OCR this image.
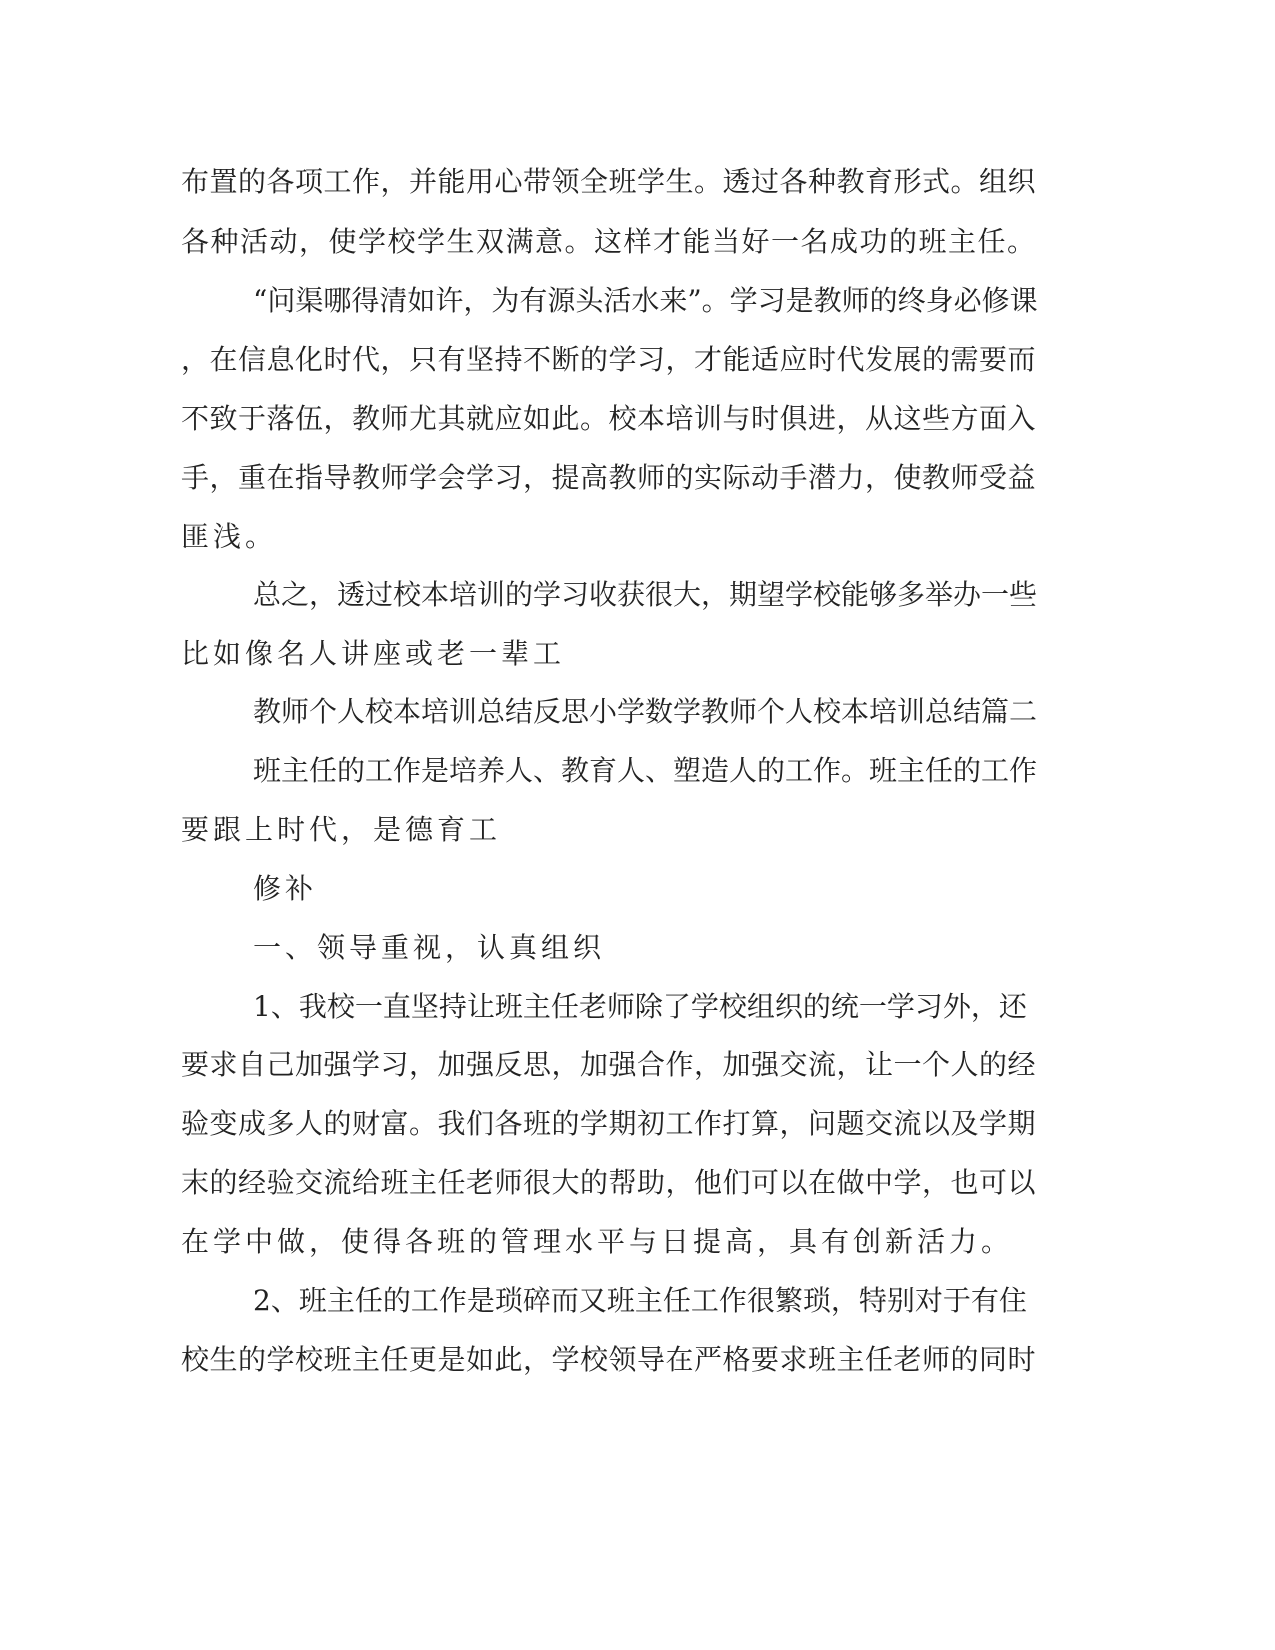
布置的各项工作，并能用心带领全班学生。透过各种教育形式。组织
各种活动，使学校学生双满意。这样才能当好一名成功的班主任。
“问渠哪得清如许，为有源头活水来”。学习是教师的终身必修课
，在信息化时代，只有坚持不断的学习，才能适应时代发展的需要而
不致于落伍，教师尤其就应如此。校本培训与时俱进，从这些方面入
手，重在指导教师学会学习，提高教师的实际动手潜力，使教师受益
匪浅。
总之，透过校本培训的学习收获很大，期望学校能够多举办一些
比如像名人讲座或老一辈工
教师个人校本培训总结反思小学数学教师个人校本培训总结篇二
班主任的工作是培养人、教育人、塑造人的工作。班主任的工作
要跟上时代，是德育工
修补
一、领导重视，认真组织
1、我校一直坚持让班主任老师除了学校组织的统一学习外，还
要求自己加强学习，加强反思，加强合作，加强交流，让一个人的经
验变成多人的财富。我们各班的学期初工作打算，问题交流以及学期
末的经验交流给班主任老师很大的帮助，他们可以在做中学，也可以
在学中做，使得各班的管理水平与日提高，具有创新活力。
2、班主任的工作是琐碎而又班主任工作很繁琐，特别对于有住
校生的学校班主任更是如此，学校领导在严格要求班主任老师的同时
